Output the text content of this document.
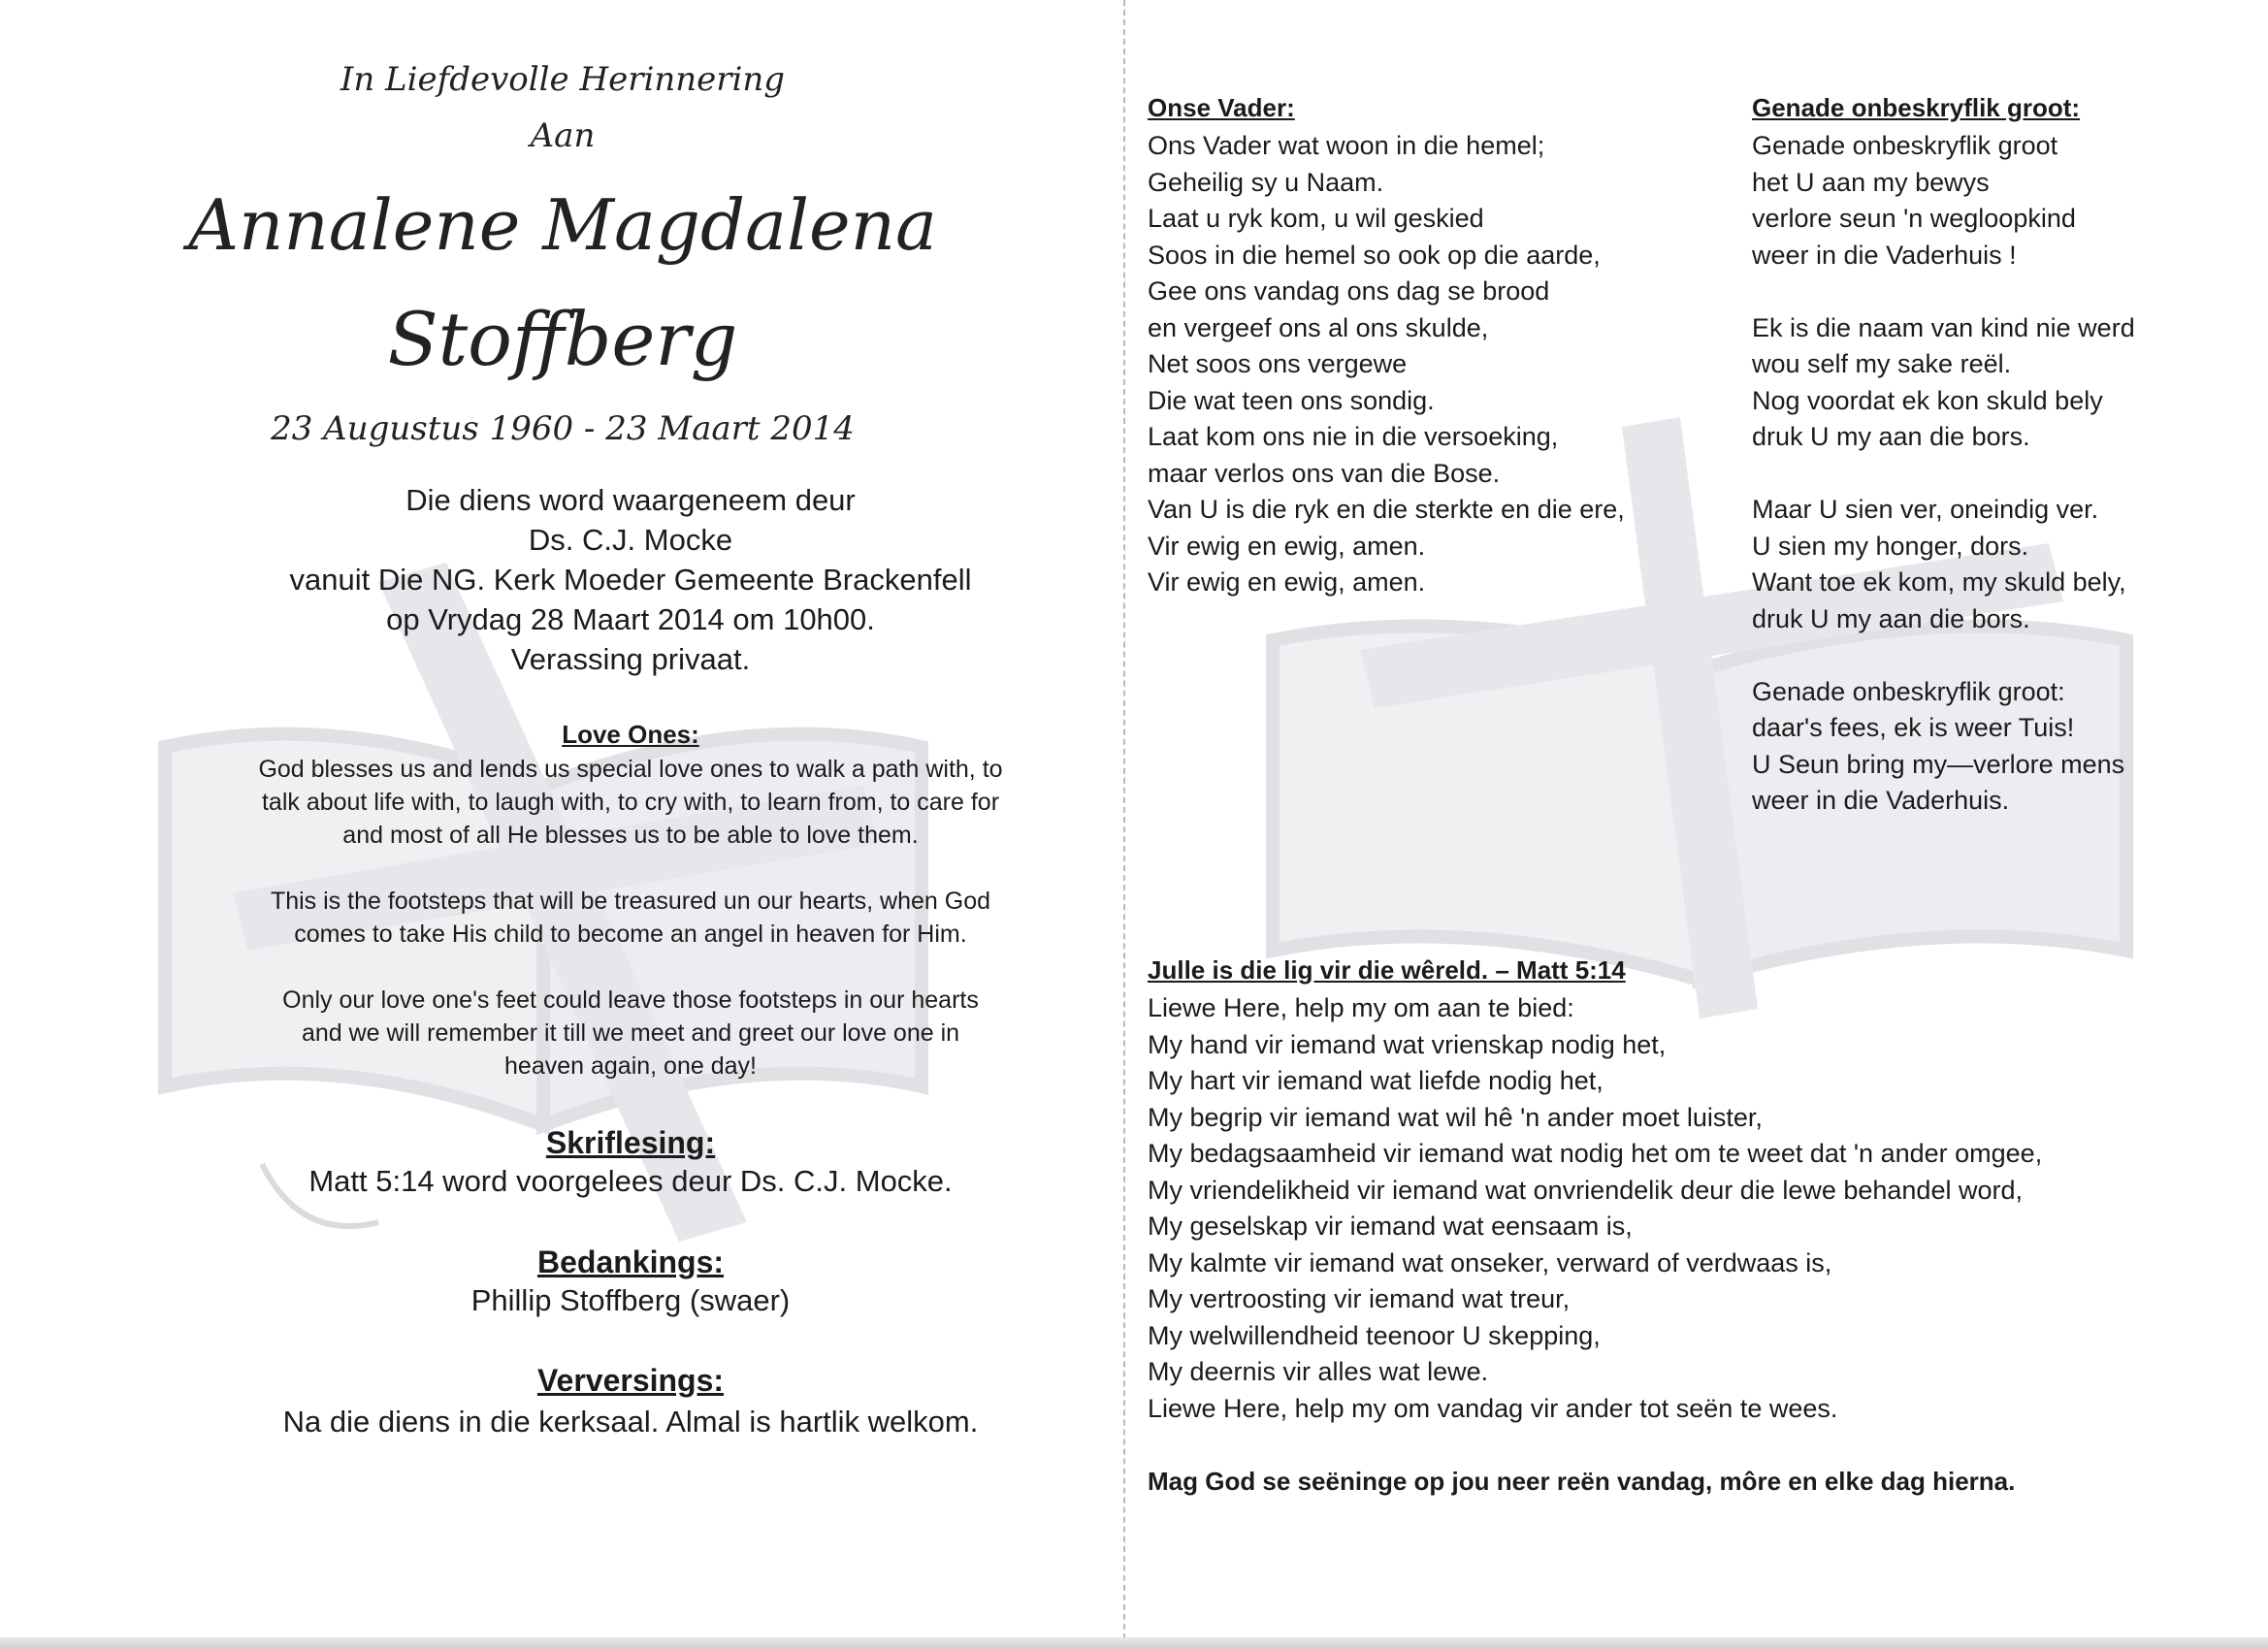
In Liefdevolle Herinnering
Aan
Annalene Magdalena
Stoffberg
23 Augustus 1960 - 23 Maart 2014
Die diens word waargeneem deur
Ds. C.J. Mocke
vanuit Die NG. Kerk Moeder Gemeente Brackenfell
op Vrydag 28 Maart 2014 om 10h00.
Verassing privaat.
Love Ones:
God blesses us and lends us special love ones to walk a path with, to
talk about life with, to laugh with, to cry with, to learn from, to care for
and most of all He blesses us to be able to love them.
This is the footsteps that will be treasured un our hearts, when God
comes to take His child to become an angel in heaven for Him.
Only our love one's feet could leave those footsteps in our hearts
and we will remember it till we meet and greet our love one in
heaven again, one day!
Skriflesing:
Matt 5:14 word voorgelees deur Ds. C.J. Mocke.
Bedankings:
Phillip Stoffberg (swaer)
Verversings:
Na die diens in die kerksaal. Almal is hartlik welkom.
Onse Vader:
Ons Vader wat woon in die hemel;
Geheilig sy u Naam.
Laat u ryk kom, u wil geskied
Soos in die hemel so ook op die aarde,
Gee ons vandag ons dag se brood
en vergeef ons al ons skulde,
Net soos ons vergewe
Die wat teen ons sondig.
Laat kom ons nie in die versoeking,
maar verlos ons van die Bose.
Van U is die ryk en die sterkte en die ere,
Vir ewig en ewig, amen.
Vir ewig en ewig, amen.
Genade onbeskryflik groot:
Genade onbeskryflik groot
het U aan my bewys
verlore seun 'n wegloopkind
weer in die Vaderhuis !
Ek is die naam van kind nie werd
wou self my sake reël.
Nog voordat ek kon skuld bely
druk U my aan die bors.
Maar U sien ver, oneindig ver.
U sien my honger, dors.
Want toe ek kom, my skuld bely,
druk U my aan die bors.
Genade onbeskryflik groot:
daar's fees, ek is weer Tuis!
U Seun bring my—verlore mens
weer in die Vaderhuis.
Julle is die lig vir die wêreld. – Matt 5:14
Liewe Here, help my om aan te bied:
My hand vir iemand wat vrienskap nodig het,
My hart vir iemand wat liefde nodig het,
My begrip vir iemand wat wil hê 'n ander moet luister,
My bedagsaamheid vir iemand wat nodig het om te weet dat 'n ander omgee,
My vriendelikheid vir iemand wat onvriendelik deur die lewe behandel word,
My geselskap vir iemand wat eensaam is,
My kalmte vir iemand wat onseker, verward of verdwaas is,
My vertroosting vir iemand wat treur,
My welwillendheid teenoor U skepping,
My deernis vir alles wat lewe.
Liewe Here, help my om vandag vir ander tot seën te wees.
Mag God se seëninge op jou neer reën vandag, môre en elke dag hierna.
